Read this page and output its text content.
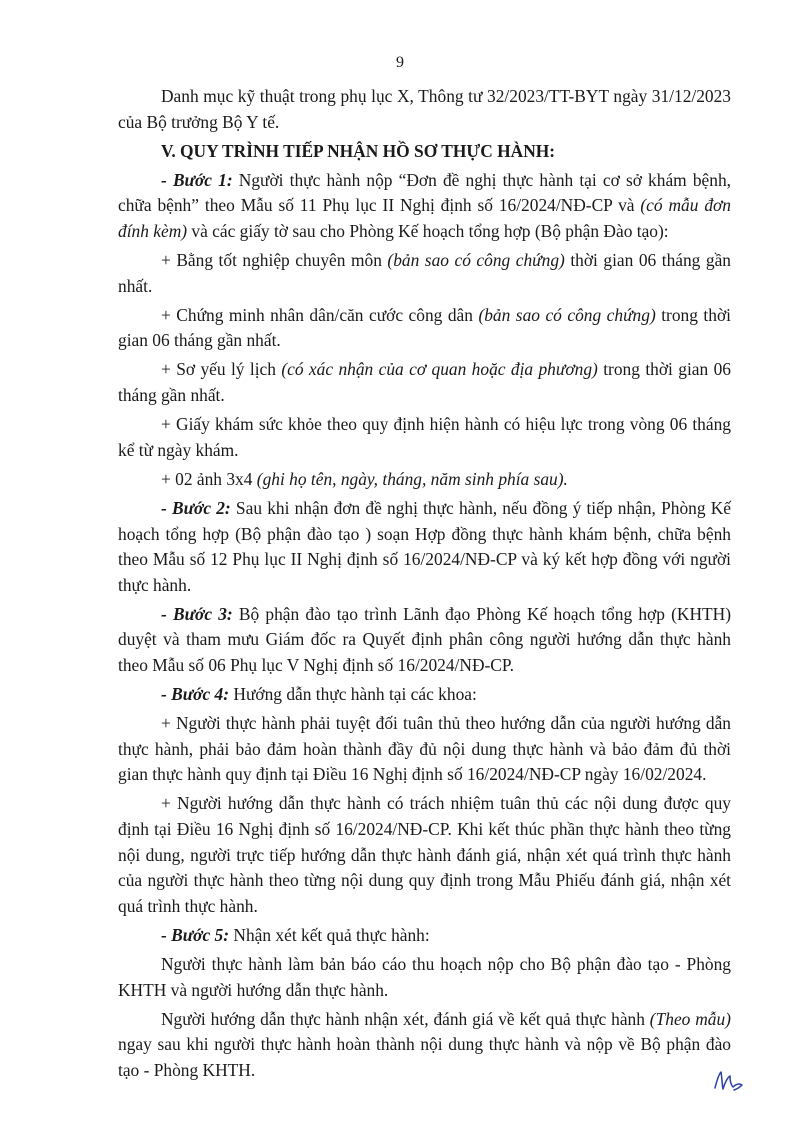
9

Danh mục kỹ thuật trong phụ lục X, Thông tư 32/2023/TT-BYT ngày 31/12/2023 của Bộ trưởng Bộ Y tế.

V. QUY TRÌNH TIẾP NHẬN HỒ SƠ THỰC HÀNH:

- Bước 1: Người thực hành nộp “Đơn đề nghị thực hành tại cơ sở khám bệnh, chữa bệnh” theo Mẫu số 11 Phụ lục II Nghị định số 16/2024/NĐ-CP và (có mẫu đơn đính kèm) và các giấy tờ sau cho Phòng Kế hoạch tổng hợp (Bộ phận Đào tạo):

+ Bằng tốt nghiệp chuyên môn (bản sao có công chứng) thời gian 06 tháng gần nhất.

+ Chứng minh nhân dân/căn cước công dân (bản sao có công chứng) trong thời gian 06 tháng gần nhất.

+ Sơ yếu lý lịch (có xác nhận của cơ quan hoặc địa phương) trong thời gian 06 tháng gần nhất.

+ Giấy khám sức khỏe theo quy định hiện hành có hiệu lực trong vòng 06 tháng kể từ ngày khám.

+ 02 ảnh 3x4 (ghi họ tên, ngày, tháng, năm sinh phía sau).

- Bước 2: Sau khi nhận đơn đề nghị thực hành, nếu đồng ý tiếp nhận, Phòng Kế hoạch tổng hợp (Bộ phận đào tạo ) soạn Hợp đồng thực hành khám bệnh, chữa bệnh theo Mẫu số 12 Phụ lục II Nghị định số 16/2024/NĐ-CP và ký kết hợp đồng với người thực hành.

- Bước 3: Bộ phận đào tạo trình Lãnh đạo Phòng Kế hoạch tổng hợp (KHTH) duyệt và tham mưu Giám đốc ra Quyết định phân công người hướng dẫn thực hành theo Mẫu số 06 Phụ lục V Nghị định số 16/2024/NĐ-CP.

- Bước 4: Hướng dẫn thực hành tại các khoa:

+ Người thực hành phải tuyệt đối tuân thủ theo hướng dẫn của người hướng dẫn thực hành, phải bảo đảm hoàn thành đầy đủ nội dung thực hành và bảo đảm đủ thời gian thực hành quy định tại Điều 16 Nghị định số 16/2024/NĐ-CP ngày 16/02/2024.

+ Người hướng dẫn thực hành có trách nhiệm tuân thủ các nội dung được quy định tại Điều 16 Nghị định số 16/2024/NĐ-CP. Khi kết thúc phần thực hành theo từng nội dung, người trực tiếp hướng dẫn thực hành đánh giá, nhận xét quá trình thực hành của người thực hành theo từng nội dung quy định trong Mẫu Phiếu đánh giá, nhận xét quá trình thực hành.

- Bước 5: Nhận xét kết quả thực hành:

Người thực hành làm bản báo cáo thu hoạch nộp cho Bộ phận đào tạo - Phòng KHTH và người hướng dẫn thực hành.

Người hướng dẫn thực hành nhận xét, đánh giá về kết quả thực hành (Theo mẫu) ngay sau khi người thực hành hoàn thành nội dung thực hành và nộp về Bộ phận đào tạo - Phòng KHTH.
